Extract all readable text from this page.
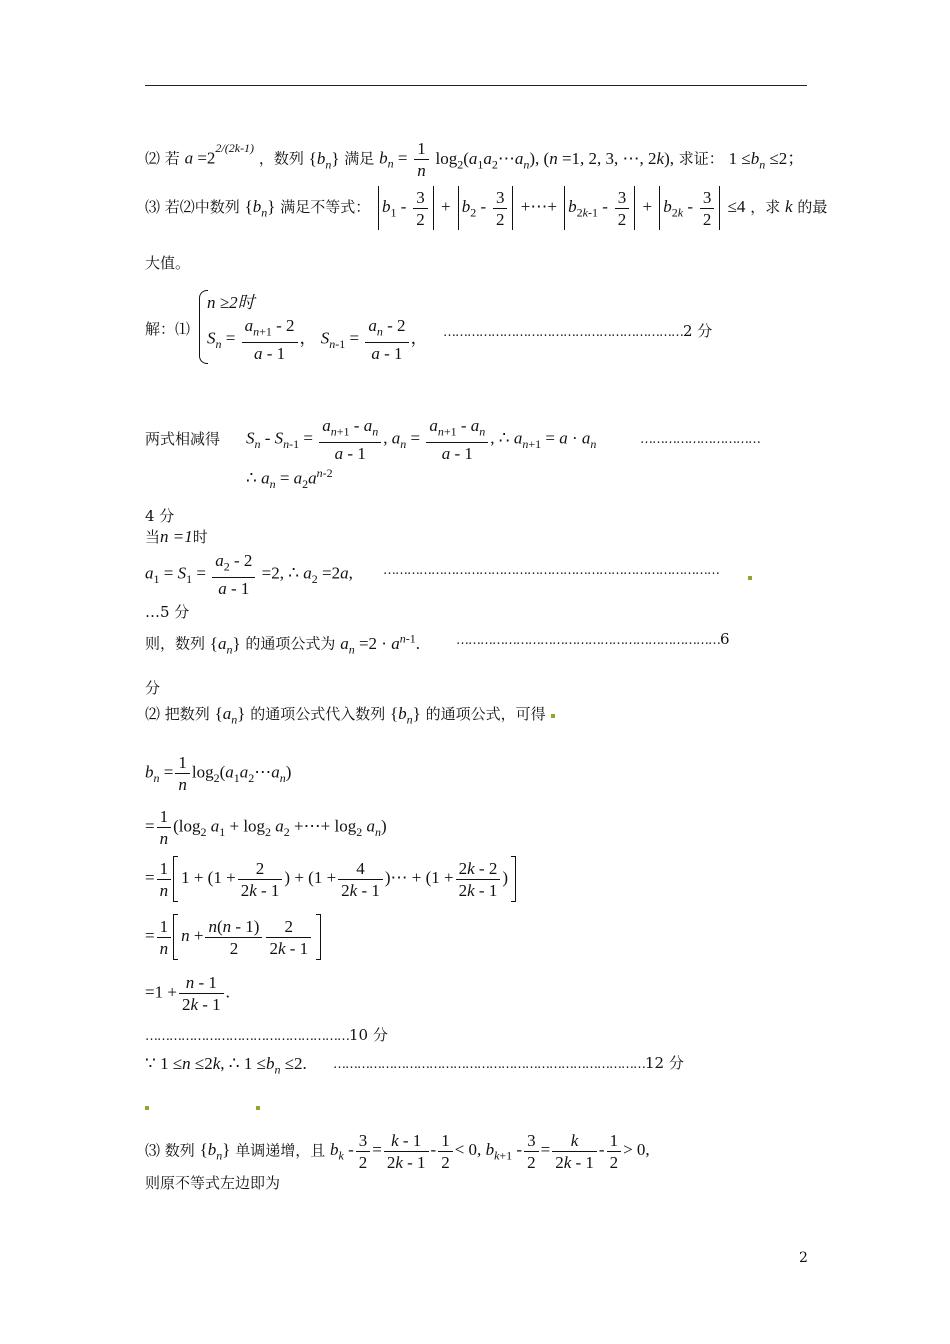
⑵ 若 $a =2^{2/(2k-1)}$ ，数列 $\{b_n\}$ 满足 $b_n = \frac{1}{n}$ $\log_2(a_1a_2\cdots a_n)$, (n =1, 2, 3, ⋯, 2k), 求证： $1 \le b_n \le 2$；
⑶ 若⑵中数列 $\{b_n\}$ 满足不等式： $b_1 - \frac{3}{2} + b_2 - \frac{3}{2}$ +⋯+ $b_{2k-1} - \frac{3}{2} + b_{2k} - \frac{3}{2} \le 4$ ，求 k 的最
大值。
解：⑴
n ≥2时
$S_n = \frac{a_{n+1} - 2}{a - 1}$ ， $S_{n-1} = \frac{a_n - 2}{a - 1}$ ， ……………………………………………………2 分
两式相减得 $S_n - S_{n-1} = \frac{a_{n+1} - a_n}{a - 1}$ , $a_n = \frac{a_{n+1} - a_n}{a - 1}$ , ∴ $a_{n+1} = a \cdot a_n$	…………………………
∴ $a_n = a_2a^{n-2}$
4 分
当n =1时
$a_1 = S_1 = \frac{a_2 - 2}{a - 1} =2$, ∴ $a_2 =2a$, …………………………………………………………………………
…5 分
则，数列 $\{a_n\}$ 的通项公式为 $a_n =2 \cdot a^{n-1}$.	…………………………………………………………6
分
⑵ 把数列 $\{a_n\}$ 的通项公式代入数列 $\{b_n\}$ 的通项公式，可得
$b_n = \frac{1}{n}$ $\log_2(a_1a_2\cdots a_n)$
= $\frac{1}{n} (\log_2$ $a_1 + \log_2 a_2$ +⋯+ $\log_2 a_n$)
= $\frac{1}{n} 1 + (1 + \frac{2}{2k - 1}$ ) + ($1 + \frac{4}{2k - 1}$ )⋯ + ($1 + \frac{2k - 2}{2k - 1}$ )
= $\frac{1}{n}$ $n + \frac{n(n - 1)}{2} \frac{2}{2k - 1}$
$=1 + \frac{n - 1}{2k - 1}$ .
……………………………………………10 分
∵ 1 ≤n ≤2k, ∴ $1 \le b_n \le 2$. ……………………………………………………………………12 分
⑶ 数列 $\{b_n\}$ 单调递增，且 $b_k - \frac{3}{2} = \frac{k - 1}{2k - 1} - \frac{1}{2} < 0$, $b_{k+1} - \frac{3}{2} = \frac{k}{2k - 1} - \frac{1}{2} > 0$,
则原不等式左边即为
2
